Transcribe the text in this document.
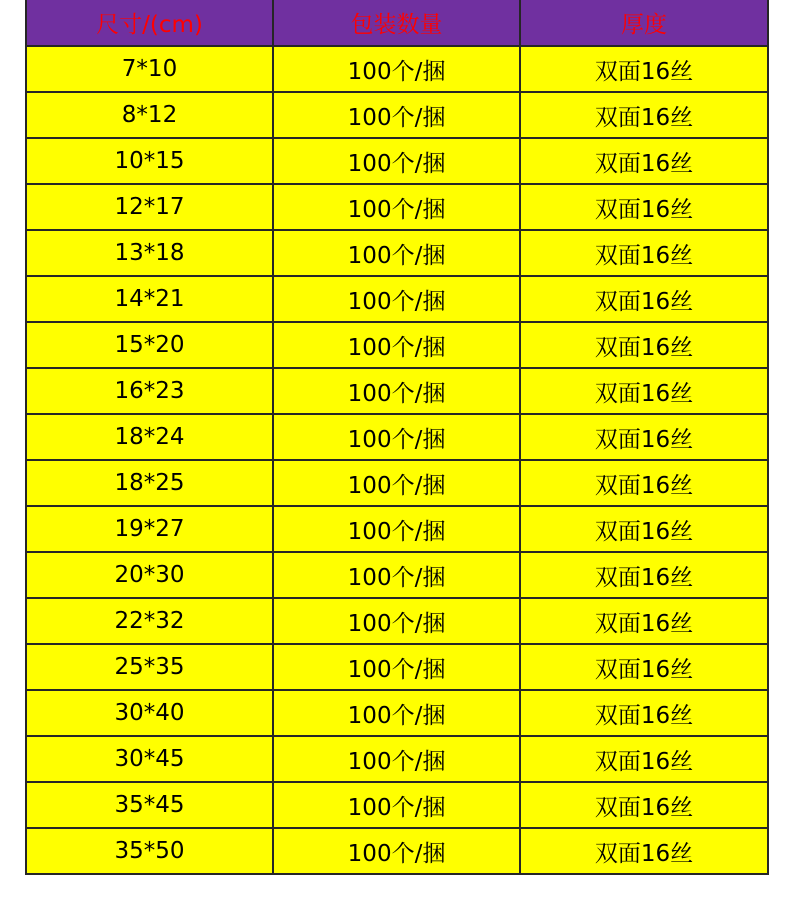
尺寸/(cm)	包装数量	厚度
7*10	100个/捆	双面16丝
8*12	100个/捆	双面16丝
10*15	100个/捆	双面16丝
12*17	100个/捆	双面16丝
13*18	100个/捆	双面16丝
14*21	100个/捆	双面16丝
15*20	100个/捆	双面16丝
16*23	100个/捆	双面16丝
18*24	100个/捆	双面16丝
18*25	100个/捆	双面16丝
19*27	100个/捆	双面16丝
20*30	100个/捆	双面16丝
22*32	100个/捆	双面16丝
25*35	100个/捆	双面16丝
30*40	100个/捆	双面16丝
30*45	100个/捆	双面16丝
35*45	100个/捆	双面16丝
35*50	100个/捆	双面16丝
